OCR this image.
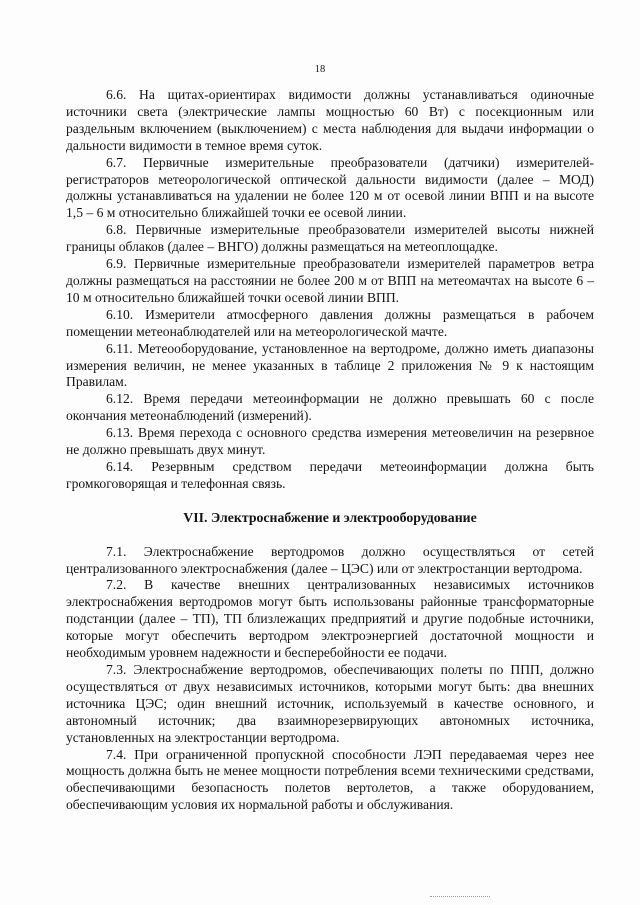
18

6.6. На щитах-ориентирах видимости должны устанавливаться одиночные источники света (электрические лампы мощностью 60 Вт) с посекционным или раздельным включением (выключением) с места наблюдения для выдачи информации о дальности видимости в темное время суток.

6.7. Первичные измерительные преобразователи (датчики) измерителей-регистраторов метеорологической оптической дальности видимости (далее – МОД) должны устанавливаться на удалении не более 120 м от осевой линии ВПП и на высоте 1,5 – 6 м относительно ближайшей точки ее осевой линии.

6.8. Первичные измерительные преобразователи измерителей высоты нижней границы облаков (далее – ВНГО) должны размещаться на метеоплощадке.

6.9. Первичные измерительные преобразователи измерителей параметров ветра должны размещаться на расстоянии не более 200 м от ВПП на метеомачтах на высоте 6 – 10 м относительно ближайшей точки осевой линии ВПП.

6.10. Измерители атмосферного давления должны размещаться в рабочем помещении метеонаблюдателей или на метеорологической мачте.

6.11. Метеооборудование, установленное на вертодроме, должно иметь диапазоны измерения величин, не менее указанных в таблице 2 приложения № 9 к настоящим Правилам.

6.12. Время передачи метеоинформации не должно превышать 60 с после окончания метеонаблюдений (измерений).

6.13. Время перехода с основного средства измерения метеовеличин на резервное не должно превышать двух минут.

6.14. Резервным средством передачи метеоинформации должна быть громкоговорящая и телефонная связь.

VII. Электроснабжение и электрооборудование

7.1. Электроснабжение вертодромов должно осуществляться от сетей централизованного электроснабжения (далее – ЦЭС) или от электростанции вертодрома.

7.2. В качестве внешних централизованных независимых источников электроснабжения вертодромов могут быть использованы районные трансформаторные подстанции (далее – ТП), ТП близлежащих предприятий и другие подобные источники, которые могут обеспечить вертодром электроэнергией достаточной мощности и необходимым уровнем надежности и бесперебойности ее подачи.

7.3. Электроснабжение вертодромов, обеспечивающих полеты по ППП, должно осуществляться от двух независимых источников, которыми могут быть: два внешних источника ЦЭС; один внешний источник, используемый в качестве основного, и автономный источник; два взаимнорезервирующих автономных источника, установленных на электростанции вертодрома.

7.4. При ограниченной пропускной способности ЛЭП передаваемая через нее мощность должна быть не менее мощности потребления всеми техническими средствами, обеспечивающими безопасность полетов вертолетов, а также оборудованием, обеспечивающим условия их нормальной работы и обслуживания.
